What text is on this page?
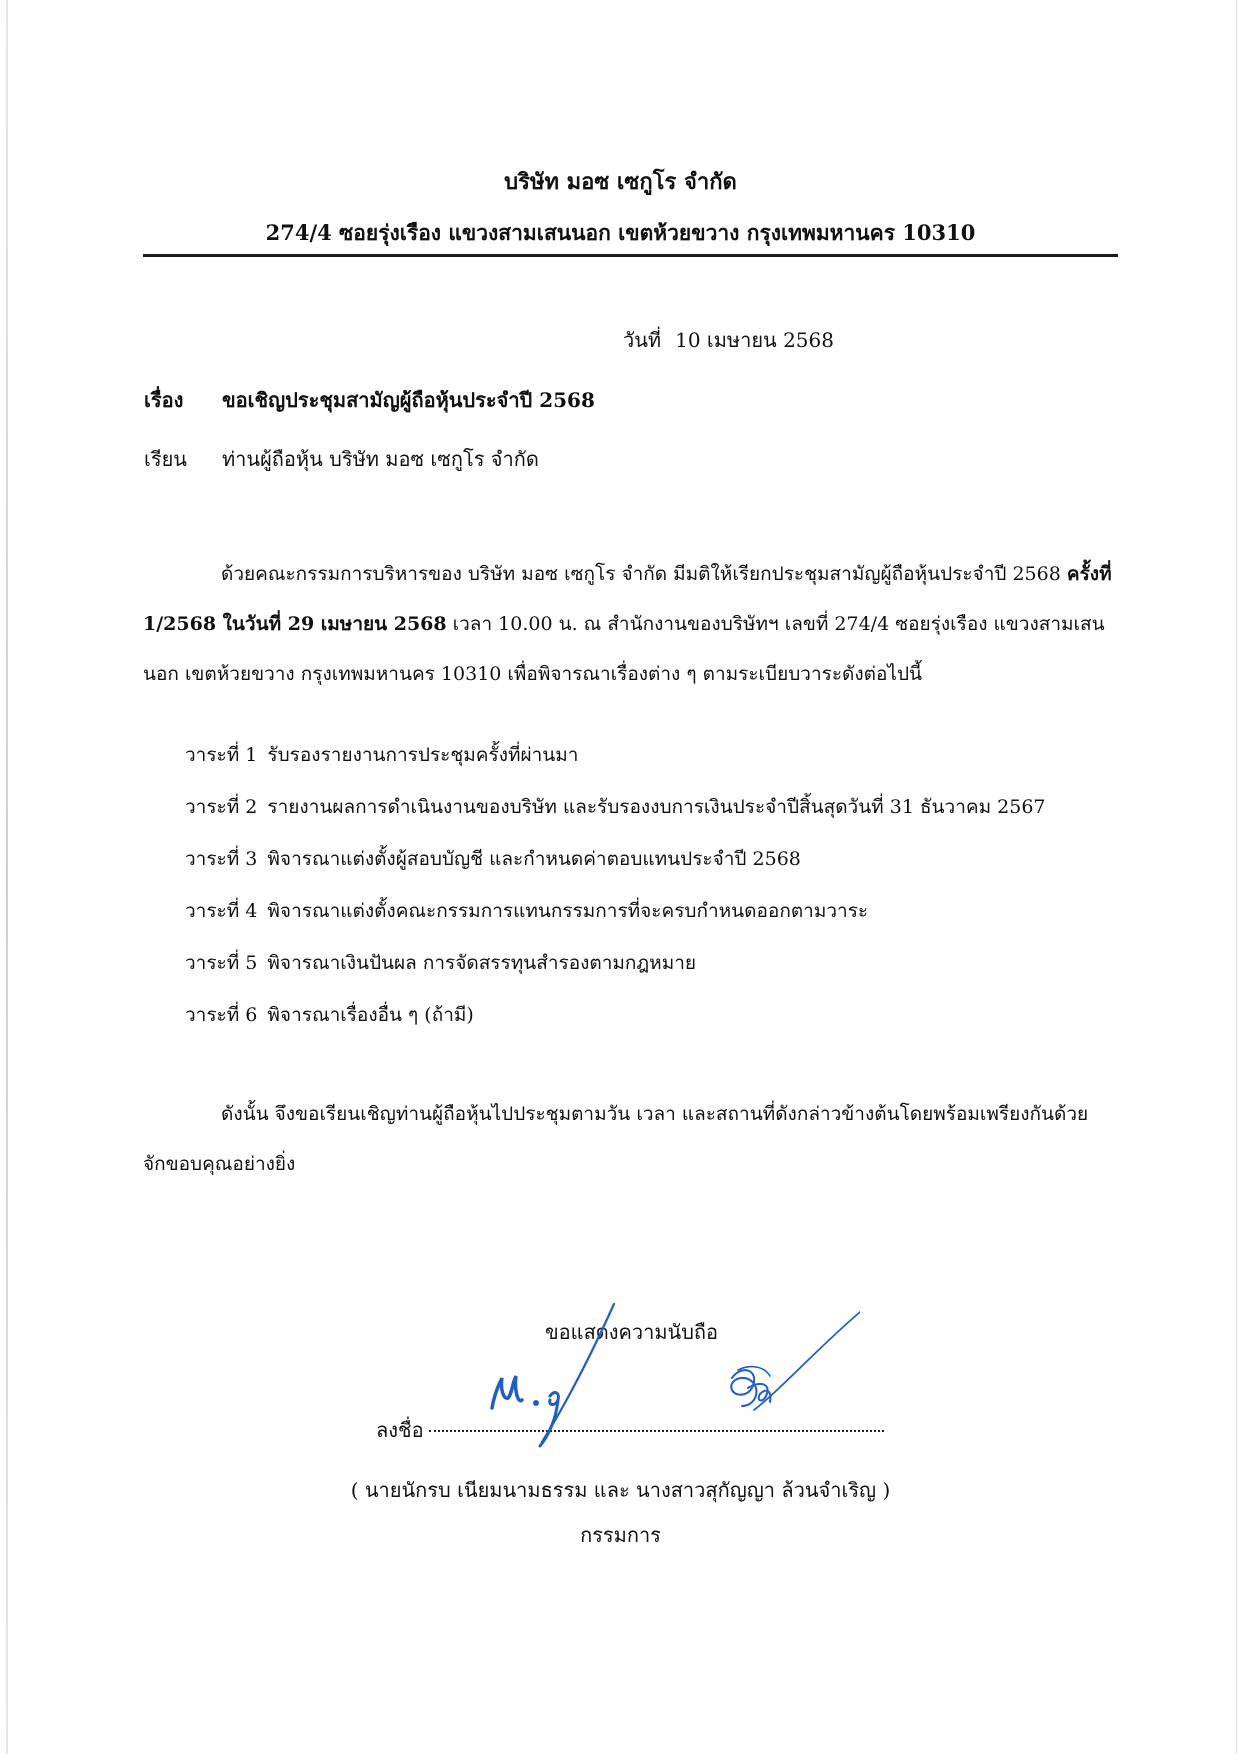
บริษัท มอซ เซกูโร จำกัด
274/4 ซอยรุ่งเรือง แขวงสามเสนนอก เขตห้วยขวาง กรุงเทพมหานคร 10310
วันที่ 10 เมษายน 2568
เรื่อง ขอเชิญประชุมสามัญผู้ถือหุ้นประจำปี 2568
เรียน ท่านผู้ถือหุ้น บริษัท มอซ เซกูโร จำกัด
ด้วยคณะกรรมการบริหารของ บริษัท มอซ เซกูโร จำกัด มีมติให้เรียกประชุมสามัญผู้ถือหุ้นประจำปี 2568 ครั้งที่ 1/2568 ในวันที่ 29 เมษายน 2568 เวลา 10.00 น. ณ สำนักงานของบริษัทฯ เลขที่ 274/4 ซอยรุ่งเรือง แขวงสามเสนนอก เขตห้วยขวาง กรุงเทพมหานคร 10310 เพื่อพิจารณาเรื่องต่าง ๆ ตามระเบียบวาระดังต่อไปนี้
วาระที่ 1 รับรองรายงานการประชุมครั้งที่ผ่านมา
วาระที่ 2 รายงานผลการดำเนินงานของบริษัท และรับรองงบการเงินประจำปีสิ้นสุดวันที่ 31 ธันวาคม 2567
วาระที่ 3 พิจารณาแต่งตั้งผู้สอบบัญชี และกำหนดค่าตอบแทนประจำปี 2568
วาระที่ 4 พิจารณาแต่งตั้งคณะกรรมการแทนกรรมการที่จะครบกำหนดออกตามวาระ
วาระที่ 5 พิจารณาเงินปันผล การจัดสรรทุนสำรองตามกฎหมาย
วาระที่ 6 พิจารณาเรื่องอื่น ๆ (ถ้ามี)
ดังนั้น จึงขอเรียนเชิญท่านผู้ถือหุ้นไปประชุมตามวัน เวลา และสถานที่ดังกล่าวข้างต้นโดยพร้อมเพรียงกันด้วย จักขอบคุณอย่างยิ่ง
ขอแสดงความนับถือ
ลงชื่อ
( นายนักรบ เนียมนามธรรม และ นางสาวสุกัญญา ล้วนจำเริญ )
กรรมการ
